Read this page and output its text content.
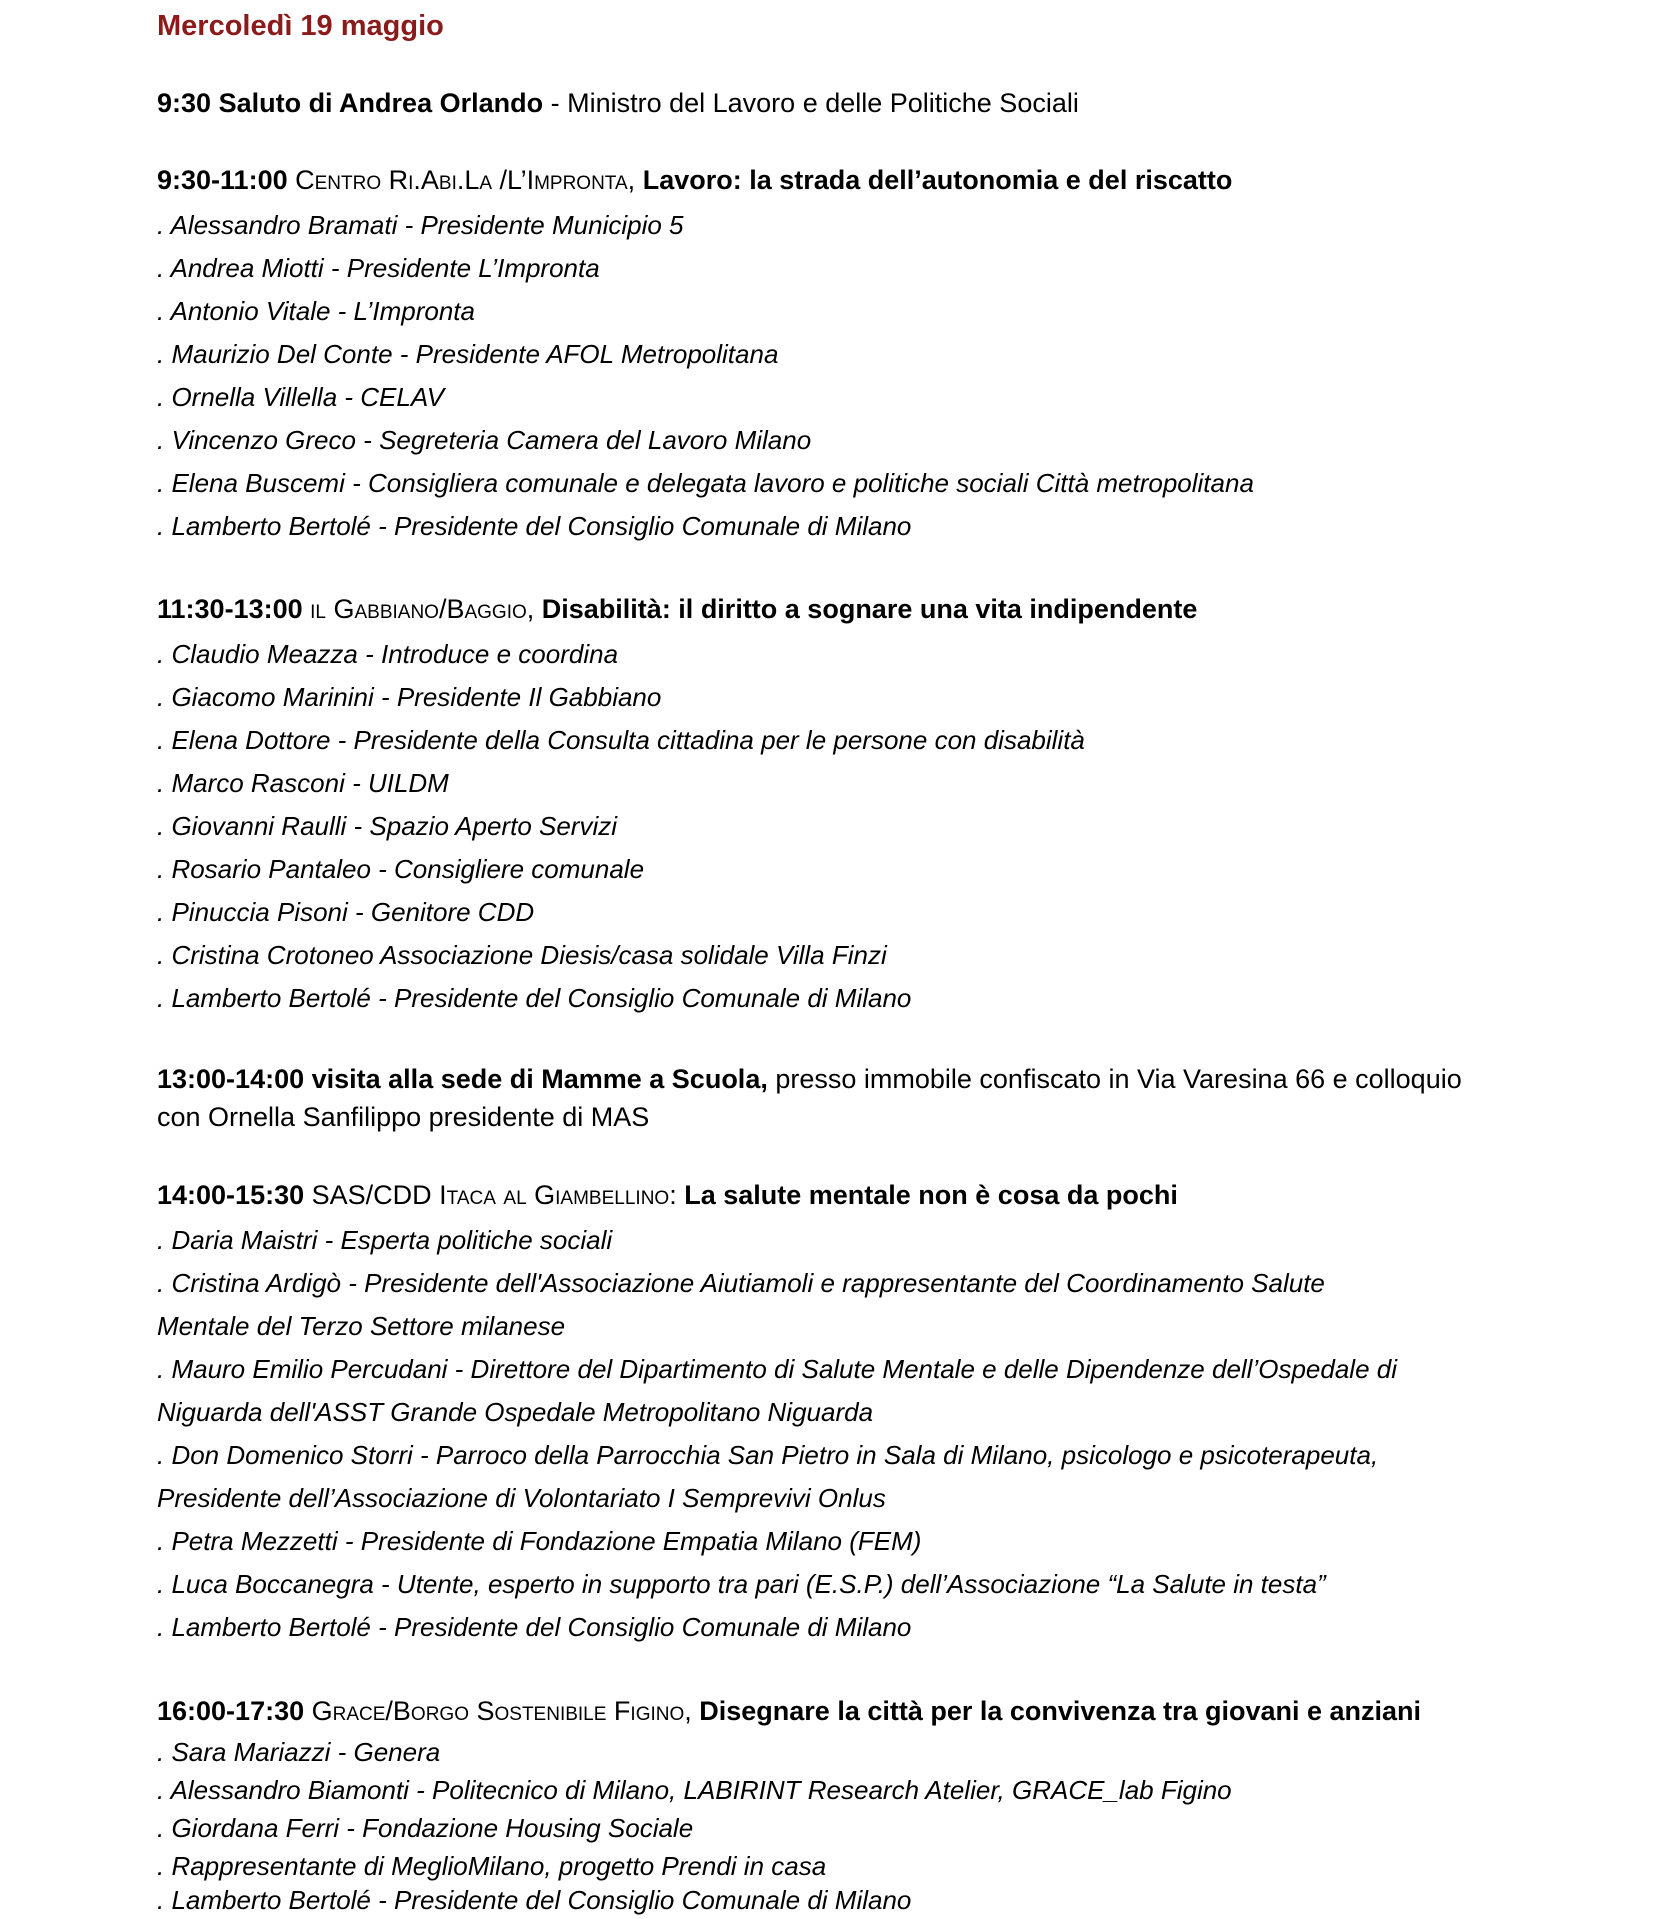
Mercoledì 19 maggio
9:30 Saluto di Andrea Orlando - Ministro del Lavoro e delle Politiche Sociali
9:30-11:00 Centro Ri.Abi.La /L’Impronta, Lavoro: la strada dell’autonomia e del riscatto
. Alessandro Bramati - Presidente Municipio 5
. Andrea Miotti - Presidente L’Impronta
. Antonio Vitale - L’Impronta
. Maurizio Del Conte - Presidente AFOL Metropolitana
. Ornella Villella - CELAV
. Vincenzo Greco - Segreteria Camera del Lavoro Milano
. Elena Buscemi - Consigliera comunale e delegata lavoro e politiche sociali Città metropolitana
. Lamberto Bertolé - Presidente del Consiglio Comunale di Milano
11:30-13:00 il Gabbiano/Baggio, Disabilità: il diritto a sognare una vita indipendente
. Claudio Meazza - Introduce e coordina
. Giacomo Marinini - Presidente Il Gabbiano
. Elena Dottore - Presidente della Consulta cittadina per le persone con disabilità
. Marco Rasconi - UILDM
. Giovanni Raulli - Spazio Aperto Servizi
. Rosario Pantaleo - Consigliere comunale
. Pinuccia Pisoni - Genitore CDD
. Cristina Crotoneo Associazione Diesis/casa solidale Villa Finzi
. Lamberto Bertolé - Presidente del Consiglio Comunale di Milano
13:00-14:00 visita alla sede di Mamme a Scuola, presso immobile confiscato in Via Varesina 66 e colloquio
con Ornella Sanfilippo presidente di MAS
14:00-15:30 SAS/CDD Itaca al Giambellino: La salute mentale non è cosa da pochi
. Daria Maistri - Esperta politiche sociali
. Cristina Ardigò - Presidente dell'Associazione Aiutiamoli e rappresentante del Coordinamento Salute
Mentale del Terzo Settore milanese
. Mauro Emilio Percudani - Direttore del Dipartimento di Salute Mentale e delle Dipendenze dell’Ospedale di
Niguarda dell'ASST Grande Ospedale Metropolitano Niguarda
. Don Domenico Storri - Parroco della Parrocchia San Pietro in Sala di Milano, psicologo e psicoterapeuta,
Presidente dell’Associazione di Volontariato I Semprevivi Onlus
. Petra Mezzetti - Presidente di Fondazione Empatia Milano (FEM)
. Luca Boccanegra - Utente, esperto in supporto tra pari (E.S.P.) dell’Associazione “La Salute in testa”
. Lamberto Bertolé - Presidente del Consiglio Comunale di Milano
16:00-17:30 Grace/Borgo Sostenibile Figino, Disegnare la città per la convivenza tra giovani e anziani
. Sara Mariazzi - Genera
. Alessandro Biamonti - Politecnico di Milano, LABIRINT Research Atelier, GRACE_lab Figino
. Giordana Ferri - Fondazione Housing Sociale
. Rappresentante di MeglioMilano, progetto Prendi in casa
. Lamberto Bertolé - Presidente del Consiglio Comunale di Milano
